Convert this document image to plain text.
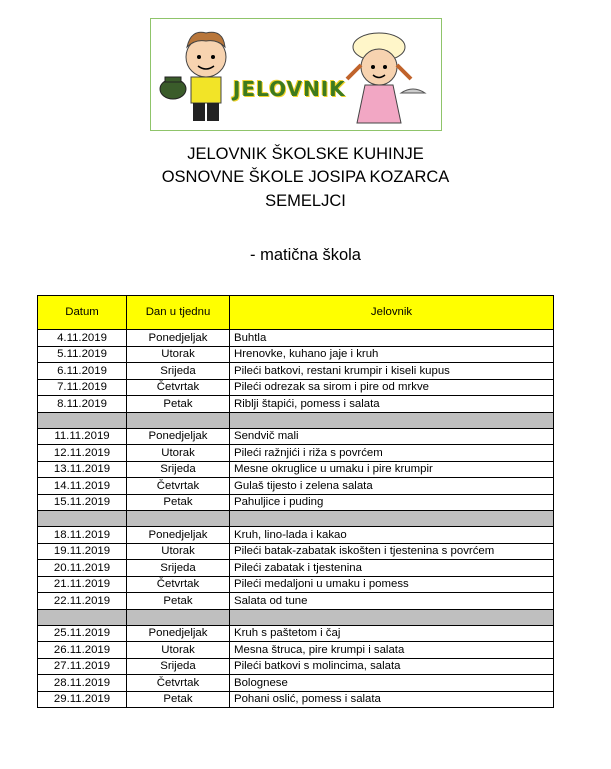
JELOVNIK
JELOVNIK ŠKOLSKE KUHINJE
OSNOVNE ŠKOLE JOSIPA KOZARCA
SEMELJCI
- matična škola
Datum	Dan u tjednu	Jelovnik
4.11.2019	Ponedjeljak	Buhtla
5.11.2019	Utorak	Hrenovke, kuhano jaje i kruh
6.11.2019	Srijeda	Pileći batkovi, restani krumpir i kiseli kupus
7.11.2019	Četvrtak	Pileći odrezak sa sirom i pire od mrkve
8.11.2019	Petak	Riblji štapići, pomess i salata

11.11.2019	Ponedjeljak	Sendvič mali
12.11.2019	Utorak	Pileći ražnjići i riža s povrćem
13.11.2019	Srijeda	Mesne okruglice u umaku i pire krumpir
14.11.2019	Četvrtak	Gulaš tijesto i zelena salata
15.11.2019	Petak	Pahuljice i puding

18.11.2019	Ponedjeljak	Kruh, lino-lada i kakao
19.11.2019	Utorak	Pileći batak-zabatak iskošten i tjestenina s povrćem
20.11.2019	Srijeda	Pileći zabatak i tjestenina
21.11.2019	Četvrtak	Pileći medaljoni u umaku i pomess
22.11.2019	Petak	Salata od tune

25.11.2019	Ponedjeljak	Kruh s paštetom i čaj
26.11.2019	Utorak	Mesna štruca, pire krumpi i salata
27.11.2019	Srijeda	Pileći batkovi s molincima, salata
28.11.2019	Četvrtak	Bolognese
29.11.2019	Petak	Pohani oslić, pomess i salata
